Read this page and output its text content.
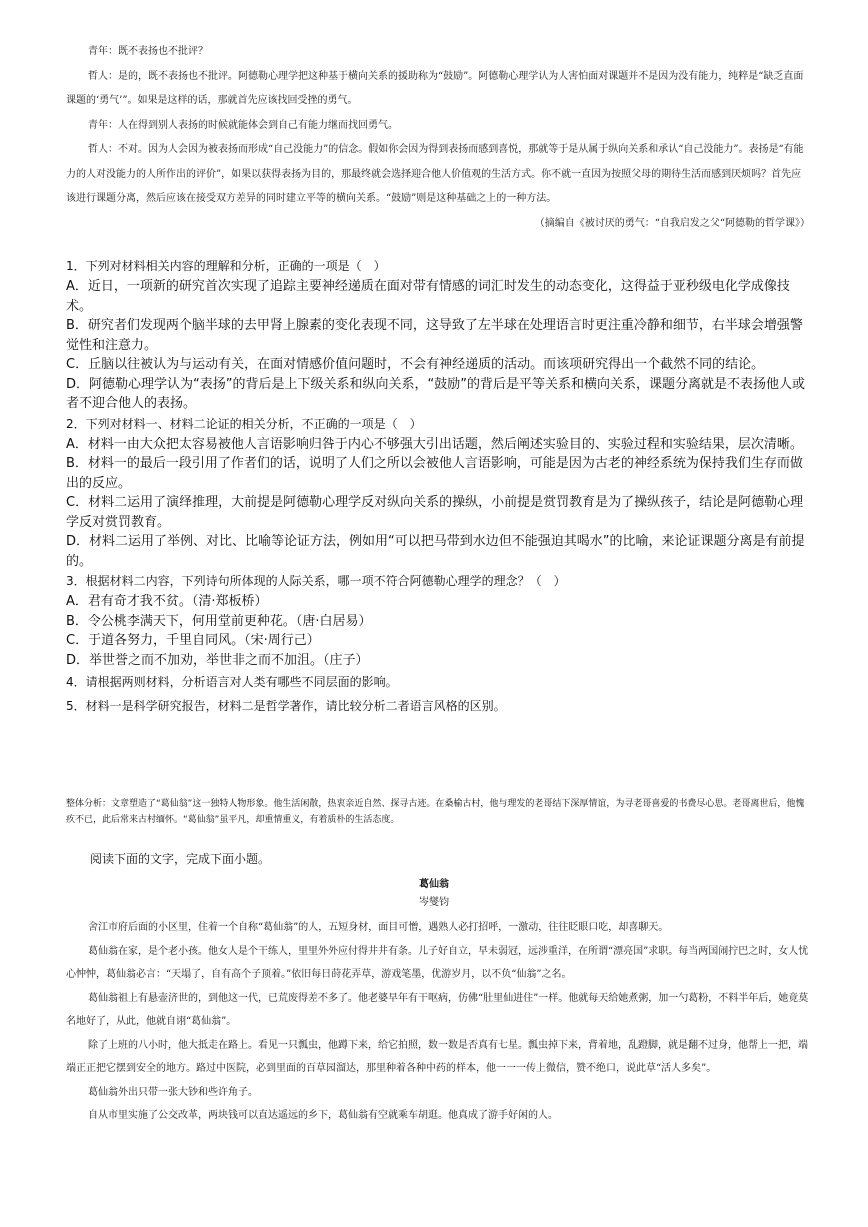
青年：既不表扬也不批评？

哲人：是的，既不表扬也不批评。阿德勒心理学把这种基于横向关系的援助称为“鼓励”。阿德勒心理学认为人害怕面对课题并不是因为没有能力，纯粹是“缺乏直面课题的‘勇气’”。如果是这样的话，那就首先应该找回受挫的勇气。

青年：人在得到别人表扬的时候就能体会到自己有能力继而找回勇气。

哲人：不对。因为人会因为被表扬而形成“自己没能力”的信念。假如你会因为得到表扬而感到喜悦，那就等于是从属于纵向关系和承认“自己没能力”。表扬是“有能力的人对没能力的人所作出的评价”，如果以获得表扬为目的，那最终就会选择迎合他人价值观的生活方式。你不就一直因为按照父母的期待生活而感到厌烦吗？首先应该进行课题分离，然后应该在接受双方差异的同时建立平等的横向关系。“鼓励”则是这种基础之上的一种方法。

（摘编自《被讨厌的勇气：“自我启发之父“阿德勒的哲学课》）

1．下列对材料相关内容的理解和分析，正确的一项是（　）

A．近日，一项新的研究首次实现了追踪主要神经递质在面对带有情感的词汇时发生的动态变化，这得益于亚秒级电化学成像技术。

B．研究者们发现两个脑半球的去甲肾上腺素的变化表现不同，这导致了左半球在处理语言时更注重冷静和细节，右半球会增强警觉性和注意力。

C．丘脑以往被认为与运动有关，在面对情感价值问题时，不会有神经递质的活动。而该项研究得出一个截然不同的结论。

D．阿德勒心理学认为“表扬”的背后是上下级关系和纵向关系，“鼓励”的背后是平等关系和横向关系，课题分离就是不表扬他人或者不迎合他人的表扬。

2．下列对材料一、材料二论证的相关分析，不正确的一项是（　）

A．材料一由大众把太容易被他人言语影响归咎于内心不够强大引出话题，然后阐述实验目的、实验过程和实验结果，层次清晰。

B．材料一的最后一段引用了作者们的话，说明了人们之所以会被他人言语影响，可能是因为古老的神经系统为保持我们生存而做出的反应。

C．材料二运用了演绎推理，大前提是阿德勒心理学反对纵向关系的操纵，小前提是赏罚教育是为了操纵孩子，结论是阿德勒心理学反对赏罚教育。

D．材料二运用了举例、对比、比喻等论证方法，例如用“可以把马带到水边但不能强迫其喝水”的比喻，来论证课题分离是有前提的。

3．根据材料二内容，下列诗句所体现的人际关系，哪一项不符合阿德勒心理学的理念？（　）

A．君有奇才我不贫。（清·郑板桥）

B．令公桃李满天下，何用堂前更种花。（唐·白居易）

C．于道各努力，千里自同风。（宋·周行己）

D．举世誉之而不加劝，举世非之而不加沮。（庄子）

4．请根据两则材料，分析语言对人类有哪些不同层面的影响。

5．材料一是科学研究报告，材料二是哲学著作，请比较分析二者语言风格的区别。

整体分析：文章塑造了“葛仙翁”这一独特人物形象。他生活闲散，热衷亲近自然、探寻古迹。在桑榆古村，他与理发的老哥结下深厚情谊，为寻老哥喜爱的书费尽心思。老哥离世后，他愧疚不已，此后常来古村缅怀。“葛仙翁”虽平凡，却重情重义，有着质朴的生活态度。
阅读下面的文字，完成下面小题。
葛仙翁
岑燮钧

舍江市府后面的小区里，住着一个自称“葛仙翁”的人，五短身材，面目可憎，遇熟人必打招呼，一激动，往往眨眼口吃，却喜聊天。

葛仙翁在家，是个老小孩。他女人是个干练人，里里外外应付得井井有条。儿子好自立，早未弱冠，远涉重洋，在所谓“漂亮国”求职。每当两国闹拧巴之时，女人忧心忡忡，葛仙翁必言：“天塌了，自有高个子顶着。”依旧每日莳花弄草，游戏笔墨，优游岁月，以不负“仙翁”之名。

葛仙翁祖上有悬壶济世的，到他这一代，已荒废得差不多了。他老婆早年有干呕病，仿佛“肚里仙进住”一样。他就每天给她煮粥，加一勺葛粉，不料半年后，她竟莫名地好了，从此，他就自诩“葛仙翁”。

除了上班的八小时，他大抵走在路上。看见一只瓢虫，他蹲下来，给它拍照，数一数是否真有七星。瓢虫掉下来，背着地，乱蹬脚，就是翻不过身，他帮上一把，端端正正把它摆到安全的地方。路过中医院，必到里面的百草园溜达，那里种着各种中药的样本，他一一一传上微信，赞不绝口，说此草“活人多矣”。

葛仙翁外出只带一张大钞和些许角子。

自从市里实施了公交改革，两块钱可以直达遥远的乡下，葛仙翁有空就乘车胡逛。他真成了游手好闲的人。
